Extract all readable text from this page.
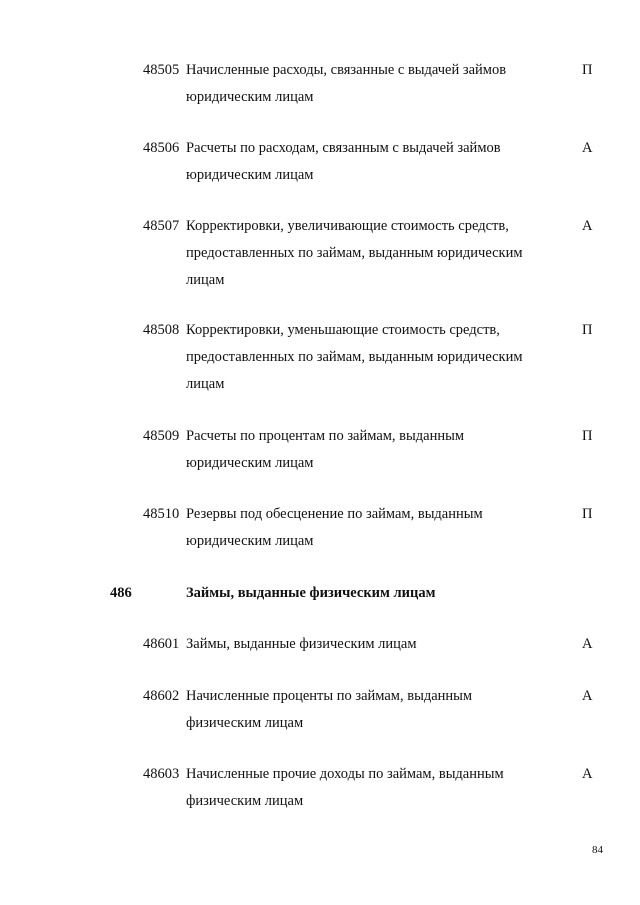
48505 Начисленные расходы, связанные с выдачей займов
юридическим лицам
П
48506 Расчеты по расходам, связанным с выдачей займов
юридическим лицам
А
48507 Корректировки, увеличивающие стоимость средств,
предоставленных по займам, выданным юридическим
лицам
А
48508 Корректировки, уменьшающие стоимость средств,
предоставленных по займам, выданным юридическим
лицам
П
48509 Расчеты по процентам по займам, выданным
юридическим лицам
П
48510 Резервы под обесценение по займам, выданным
юридическим лицам
П
486	Займы, выданные физическим лицам
48601 Займы, выданные физическим лицам	А
48602 Начисленные проценты по займам, выданным
физическим лицам
А
48603 Начисленные прочие доходы по займам, выданным
физическим лицам
А
84
